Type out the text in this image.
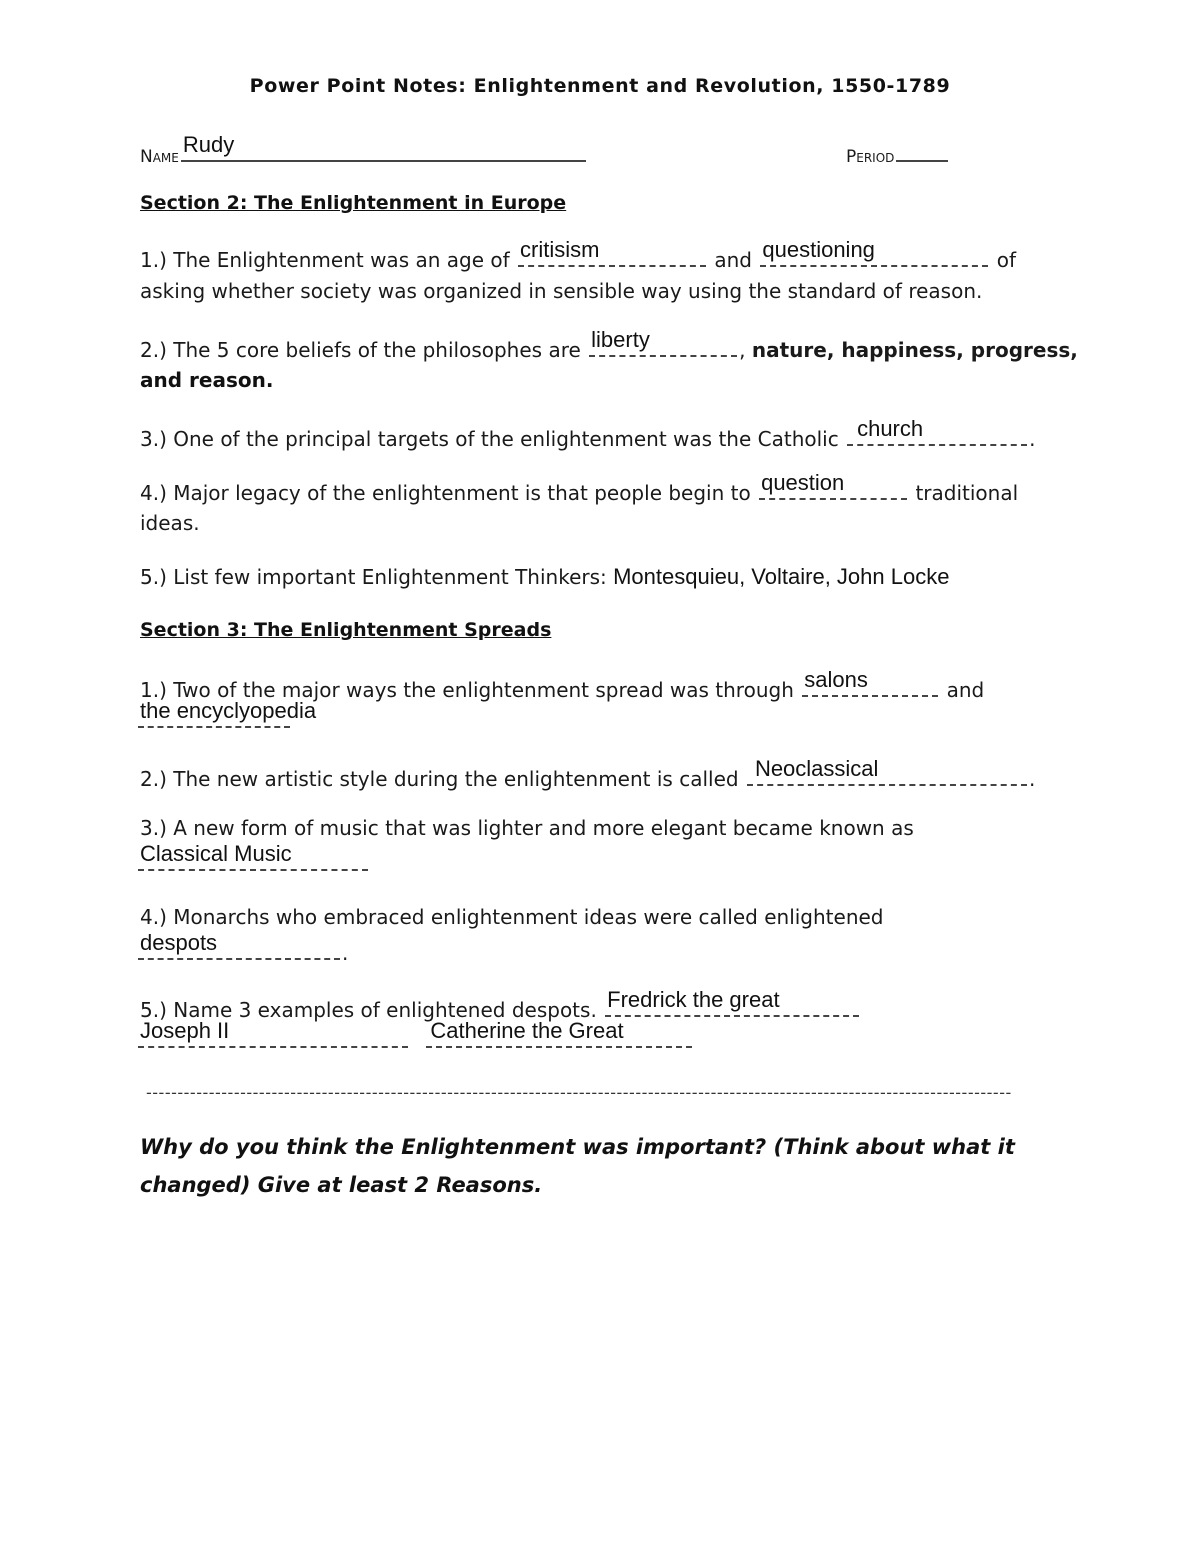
Power Point Notes: Enlightenment and Revolution, 1550-1789
Name Rudy	Period
Section 2: The Enlightenment in Europe
1.) The Enlightenment was an age of critisism	and questioning	of
asking whether society was organized in sensible way using the standard of reason.
2.) The 5 core beliefs of the philosophes are liberty	, nature, happiness, progress,
and reason.
3.) One of the principal targets of the enlightenment was the Catholic church	.
4.) Major legacy of the enlightenment is that people begin to question	traditional
ideas.
5.) List few important Enlightenment Thinkers: Montesquieu, Voltaire, John Locke
Section 3: The Enlightenment Spreads
1.) Two of the major ways the enlightenment spread was through salons	and
the encyclyopedia
2.) The new artistic style during the enlightenment is called Neoclassical	.
3.) A new form of music that was lighter and more elegant became known as
Classical Music
4.) Monarchs who embraced enlightenment ideas were called enlightened
despots	.
5.) Name 3 examples of enlightened despots. Fredrick the great
Joseph II
	Catherine the Great
------------------------------------------------------------------------------------------------------------------------------------------
Why do you think the Enlightenment was important? (Think about what it
changed) Give at least 2 Reasons.
